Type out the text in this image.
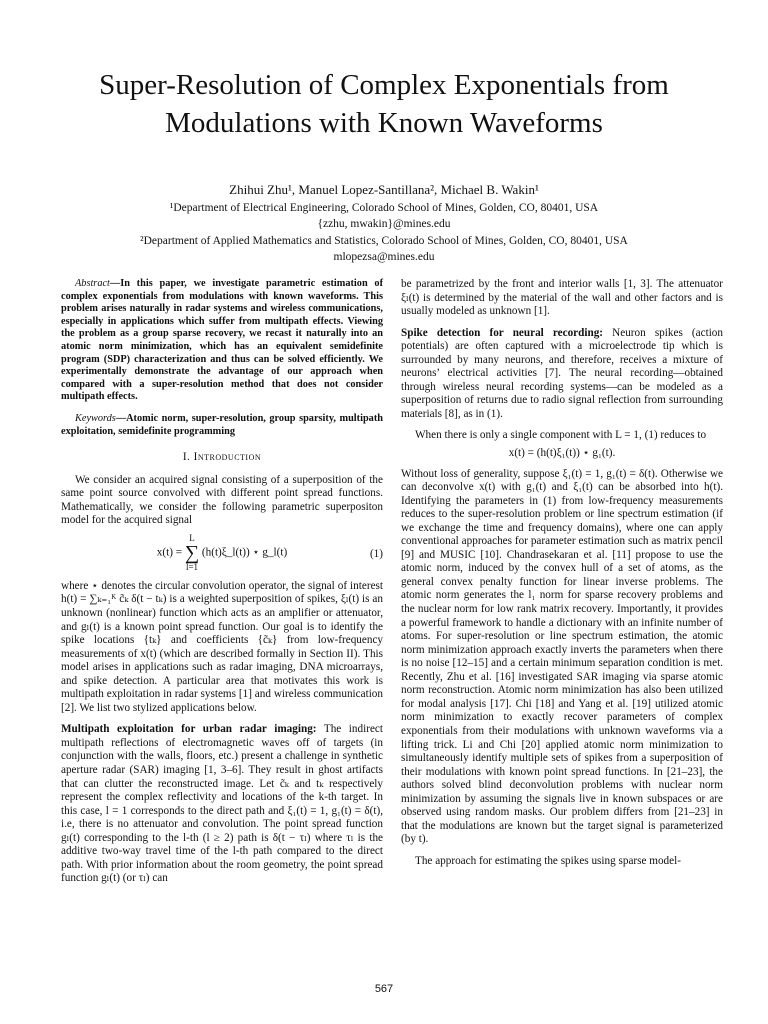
Super-Resolution of Complex Exponentials from Modulations with Known Waveforms
Zhihui Zhu¹, Manuel Lopez-Santillana², Michael B. Wakin¹
¹Department of Electrical Engineering, Colorado School of Mines, Golden, CO, 80401, USA
{zzhu, mwakin}@mines.edu
²Department of Applied Mathematics and Statistics, Colorado School of Mines, Golden, CO, 80401, USA
mlopezsa@mines.edu

Abstract—In this paper, we investigate parametric estimation of complex exponentials from modulations with known waveforms. This problem arises naturally in radar systems and wireless communications, especially in applications which suffer from multipath effects. Viewing the problem as a group sparse recovery, we recast it naturally into an atomic norm minimization, which has an equivalent semidefinite program (SDP) characterization and thus can be solved efficiently. We experimentally demonstrate the advantage of our approach when compared with a super-resolution method that does not consider multipath effects.

Keywords—Atomic norm, super-resolution, group sparsity, multipath exploitation, semidefinite programming

I. Introduction

We consider an acquired signal consisting of a superposition of the same point source convolved with different point spread functions. Mathematically, we consider the following parametric superpositon model for the acquired signal

x(t) = L
∑
l=1 (h(t)ξ_l(t)) ⋆ g_l(t)	(1)

where ⋆ denotes the circular convolution operator, the signal of interest h(t) = ∑ₖ₌₁ᴷ c̃ₖ δ(t − tₖ) is a weighted superposition of spikes, ξₗ(t) is an unknown (nonlinear) function which acts as an amplifier or attenuator, and gₗ(t) is a known point spread function. Our goal is to identify the spike locations {tₖ} and coefficients {c̃ₖ} from low-frequency measurements of x(t) (which are described formally in Section II). This model arises in applications such as radar imaging, DNA microarrays, and spike detection. A particular area that motivates this work is multipath exploitation in radar systems [1] and wireless communication [2]. We list two stylized applications below.

Multipath exploitation for urban radar imaging: The indirect multipath reflections of electromagnetic waves off of targets (in conjunction with the walls, floors, etc.) present a challenge in synthetic aperture radar (SAR) imaging [1, 3–6]. They result in ghost artifacts that can clutter the reconstructed image. Let c̃ₖ and tₖ respectively represent the complex reflectivity and locations of the k-th target. In this case, l = 1 corresponds to the direct path and ξ₁(t) = 1, g₁(t) = δ(t), i.e, there is no attenuator and convolution. The point spread function gₗ(t) corresponding to the l-th (l ≥ 2) path is δ(t − τₗ) where τₗ is the additive two-way travel time of the l-th path compared to the direct path. With prior information about the room geometry, the point spread function gₗ(t) (or τₗ) can

be parametrized by the front and interior walls [1, 3]. The attenuator ξₗ(t) is determined by the material of the wall and other factors and is usually modeled as unknown [1].

Spike detection for neural recording: Neuron spikes (action potentials) are often captured with a microelectrode tip which is surrounded by many neurons, and therefore, receives a mixture of neurons’ electrical activities [7]. The neural recording—obtained through wireless neural recording systems—can be modeled as a superposition of returns due to radio signal reflection from surrounding materials [8], as in (1).

When there is only a single component with L = 1, (1) reduces to

x(t) = (h(t)ξ₁(t)) ⋆ g₁(t).

Without loss of generality, suppose ξ₁(t) = 1, g₁(t) = δ(t). Otherwise we can deconvolve x(t) with g₁(t) and ξ₁(t) can be absorbed into h(t). Identifying the parameters in (1) from low-frequency measurements reduces to the super-resolution problem or line spectrum estimation (if we exchange the time and frequency domains), where one can apply conventional approaches for parameter estimation such as matrix pencil [9] and MUSIC [10]. Chandrasekaran et al. [11] propose to use the atomic norm, induced by the convex hull of a set of atoms, as the general convex penalty function for linear inverse problems. The atomic norm generates the l₁ norm for sparse recovery problems and the nuclear norm for low rank matrix recovery. Importantly, it provides a powerful framework to handle a dictionary with an infinite number of atoms. For super-resolution or line spectrum estimation, the atomic norm minimization approach exactly inverts the parameters when there is no noise [12–15] and a certain minimum separation condition is met. Recently, Zhu et al. [16] investigated SAR imaging via sparse atomic norm reconstruction. Atomic norm minimization has also been utilized for modal analysis [17]. Chi [18] and Yang et al. [19] utilized atomic norm minimization to exactly recover parameters of complex exponentials from their modulations with unknown waveforms via a lifting trick. Li and Chi [20] applied atomic norm minimization to simultaneously identify multiple sets of spikes from a superposition of their modulations with known point spread functions. In [21–23], the authors solved blind deconvolution problems with nuclear norm minimization by assuming the signals live in known subspaces or are observed using random masks. Our problem differs from [21–23] in that the modulations are known but the target signal is parameterized (by t).

The approach for estimating the spikes using sparse model-

567
